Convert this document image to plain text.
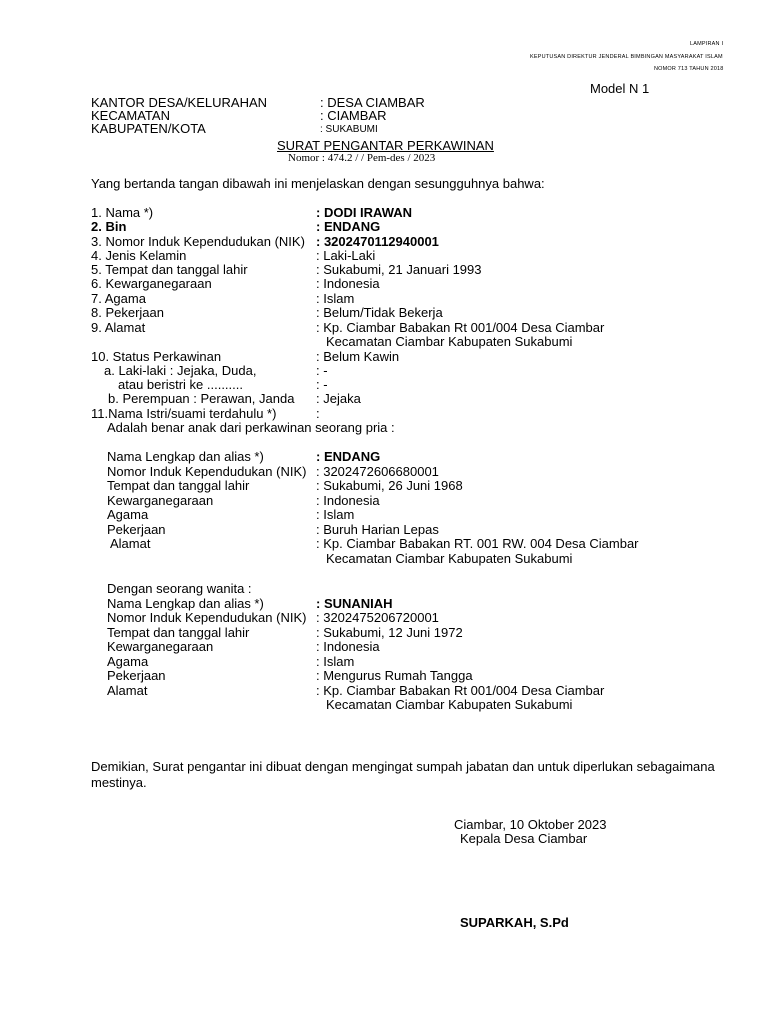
LAMPIRAN I
KEPUTUSAN DIREKTUR JENDERAL BIMBINGAN MASYARAKAT ISLAM
NOMOR 713 TAHUN 2018
Model N 1
KANTOR DESA/KELURAHAN	: DESA CIAMBAR
KECAMATAN	: CIAMBAR
KABUPATEN/KOTA	: SUKABUMI
SURAT PENGANTAR PERKAWINAN
Nomor : 474.2 / / Pem-des / 2023
Yang bertanda tangan dibawah ini menjelaskan dengan sesungguhnya bahwa:
1. Nama *)	: DODI IRAWAN
2. Bin	: ENDANG
3. Nomor Induk Kependudukan (NIK) : 3202470112940001
4. Jenis Kelamin	: Laki-Laki
5. Tempat dan tanggal lahir	: Sukabumi, 21 Januari 1993
6. Kewarganegaraan	: Indonesia
7. Agama	: Islam
8. Pekerjaan	: Belum/Tidak Bekerja
9. Alamat	: Kp. Ciambar Babakan Rt 001/004 Desa Ciambar
Kecamatan Ciambar Kabupaten Sukabumi
10. Status Perkawinan	: Belum Kawin
a. Laki-laki : Jejaka, Duda,	: -
atau beristri ke ..........	: -
b. Perempuan : Perawan, Janda : Jejaka
11.Nama Istri/suami terdahulu *)	:
Adalah benar anak dari perkawinan seorang pria :
Nama Lengkap dan alias *)	: ENDANG
Nomor Induk Kependudukan (NIK) : 3202472606680001
Tempat dan tanggal lahir	: Sukabumi, 26 Juni 1968
Kewarganegaraan	: Indonesia
Agama	: Islam
Pekerjaan	: Buruh Harian Lepas
Alamat	: Kp. Ciambar Babakan RT. 001 RW. 004 Desa Ciambar
Kecamatan Ciambar Kabupaten Sukabumi
Dengan seorang wanita :
Nama Lengkap dan alias *)	: SUNANIAH
Nomor Induk Kependudukan (NIK) : 3202475206720001
Tempat dan tanggal lahir	: Sukabumi, 12 Juni 1972
Kewarganegaraan	: Indonesia
Agama	: Islam
Pekerjaan	: Mengurus Rumah Tangga
Alamat	: Kp. Ciambar Babakan Rt 001/004 Desa Ciambar
Kecamatan Ciambar Kabupaten Sukabumi
Demikian, Surat pengantar ini dibuat dengan mengingat sumpah jabatan dan untuk diperlukan sebagaimana
mestinya.
Ciambar, 10 Oktober 2023
Kepala Desa Ciambar
SUPARKAH, S.Pd
